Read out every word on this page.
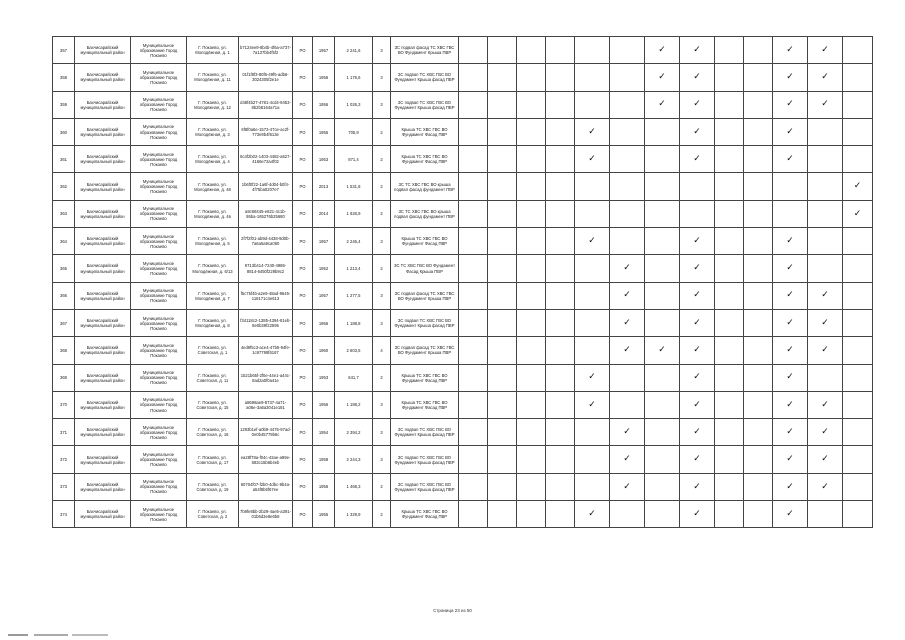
357	Бахчисарайский муниципальный район	Муниципальное образование Город Покаево	Г. Покаево, ул. Молодёжная, д. 1	b7124ee9-8b4b-4f6a-a737-7a137bb4f5f2	РО	1957	2 241,6	3	ЗС подвал фасад ТС ХВС ГВС ВО Фундамент Крыша ПВР							✓	✓			✓	✓	
358	Бахчисарайский муниципальный район	Муниципальное образование Город Покаево	Г. Покаево, ул. Молодёжная, д. 11	01f1f8f3-80f6-49f5-adb6-3024305f2e1e	РО	1956	1 176,6	3	ЗС подвал ТС ХВС ГВС ВО Фундамент Крыша фасад ПВР							✓	✓			✓	✓	
359	Бахчисарайский муниципальный район	Муниципальное образование Город Покаево	Г. Покаево, ул. Молодёжная, д. 12	d48f4b27-4781-4cd4-9453-8b2b8164a71a	РО	1956	1 026,3	3	ЗС подвал ТС ХВС ГВС ВО Фундамент Крыша фасад ПВР							✓	✓			✓	✓	
360	Бахчисарайский муниципальный район	Муниципальное образование Город Покаево	Г. Покаево, ул. Молодёжная, д. 3	6f8f0a6e-1572-47ce-ac2f-773e9b4f613e	РО	1955	705,9	2	Крыша ТС ХВС ГВС ВО Фундамент Фасад ПВР					✓			✓			✓		
361	Бахчисарайский муниципальный район	Муниципальное образование Город Покаево	Г. Покаево, ул. Молодёжная, д. 4	8c4f2b02-1403-4482-a527-4166e72a4f02	РО	1953	871,4	2	Крыша ТС ХВС ГВС ВО Фундамент Фасад ПВР					✓			✓			✓		
362	Бахчисарайский муниципальный район	Муниципальное образование Город Покаево	Г. Покаево, ул. Молодёжная, д. 48	1b6f0f22-1a6f-4d04-b0f4-4f75ba0207e7	РО	2013	1 531,8	2	ЗС ТС ХВС ГВС ВО крыша подвал фасад фундамент ПВР													✓
363	Бахчисарайский муниципальный район	Муниципальное образование Город Покаево	Г. Покаево, ул. Молодёжная, д. 4в	a9c68445-e821-4c1b-95ba-165276b25680	РО	2014	1 626,9	2	ЗС ТС ХВС ГВС ВО крыша подвал фасад фундамент ПВР													✓
364	Бахчисарайский муниципальный район	Муниципальное образование Город Покаево	Г. Покаево, ул. Молодёжная, д. 5	2f7f2f01-ab9d-4438-9d0b-7a6a5a9ca060	РО	1957	2 246,4	3	Крыша ТС ХВС ГВС ВО Фундамент Фасад ПВР					✓			✓			✓		
365	Бахчисарайский муниципальный район	Муниципальное образование Город Покаево	Г. Покаево, ул. Молодёжная, д. 6/13	9713b414-7240-4986-8814-6450f229b9c2	РО	1952	1 213,4	2	ЗС ТС ХВС ГВС ВО Фундамент Фасад Крыша ПВР						✓		✓			✓		
366	Бахчисарайский муниципальный район	Муниципальное образование Город Покаево	Г. Покаево, ул. Молодёжная, д. 7	f5c75f4b-a2e9-48ad-9645-118171c4e613	РО	1957	1 277,5	3	ЗС подвал фасад ТС ХВС ГВС ВО Фундамент Крыша ПВР						✓		✓			✓	✓	
367	Бахчисарайский муниципальный район	Муниципальное образование Город Покаево	Г. Покаево, ул. Молодёжная, д. 8	f34118c2-1385-4394-81eb-8e0b39f22595	РО	1956	1 188,8	3	ЗС подвал ТС ХВС ГВС ВО Фундамент Крыша фасад ПВР						✓		✓			✓	✓	
368	Бахчисарайский муниципальный район	Муниципальное образование Город Покаево	Г. Покаево, ул. Советская, д. 1	4ed9f5c3-ace4-47b5-94fe-1c97798f6167	РО	1960	2 603,5	4	ЗС подвал фасад ТС ХВС ГВС ВО Фундамент Крыша ПВР						✓	✓	✓			✓	✓	
369	Бахчисарайский муниципальный район	Муниципальное образование Город Покаево	Г. Покаево, ул. Советская, д. 11	1521b65f-2f0e-44e1-a44c-8ad2a0f0a41e	РО	1953	641,7	2	Крыша ТС ХВС ГВС ВО Фундамент Фасад ПВР					✓			✓			✓		
370	Бахчисарайский муниципальный район	Муниципальное образование Город Покаево	Г. Покаево, ул. Советская, д. 15	a8698ae9-8737-4a71-a06e-3a6a3041e181	РО	1956	1 188,2	3	Крыша ТС ХВС ГВС ВО Фундамент Фасад ПВР					✓			✓			✓	✓	
371	Бахчисарайский муниципальный район	Муниципальное образование Город Покаево	Г. Покаево, ул. Советская, д. 16	1293b1ef-a0b9-4475-97ad-0e0b45779b6c	РО	1954	2 394,2	3	ЗС подвал ТС ХВС ГВС ВО Фундамент Крыша фасад ПВР						✓		✓			✓	✓	
372	Бахчисарайский муниципальный район	Муниципальное образование Город Покаево	Г. Покаево, ул. Советская, д. 17	ea28f78a-f04c-42ae-a99e-683c15b6b4eb	РО	1958	2 244,3	3	ЗС подвал ТС ХВС ГВС ВО Фундамент Крыша фасад ПВР						✓		✓			✓	✓	
373	Бахчисарайский муниципальный район	Муниципальное образование Город Покаево	Г. Покаево, ул. Советская, д. 19	60704f07-f2b0-4dbc-9b4a-a54f8b6f67ee	РО	1956	1 468,3	2	ЗС подвал ТС ХВС ГВС ВО Фундамент Крыша фасад ПВР						✓		✓			✓	✓	
374	Бахчисарайский муниципальный район	Муниципальное образование Город Покаево	Г. Покаево, ул. Советская, д. 2	7b9fe8bb-2b29-4ae5-a391-01b6d3e8e6b8	РО	1955	1 329,9	2	Крыша ТС ХВС ГВС ВО Фундамент Фасад ПВР					✓			✓			✓		
Страница 23 из 50
